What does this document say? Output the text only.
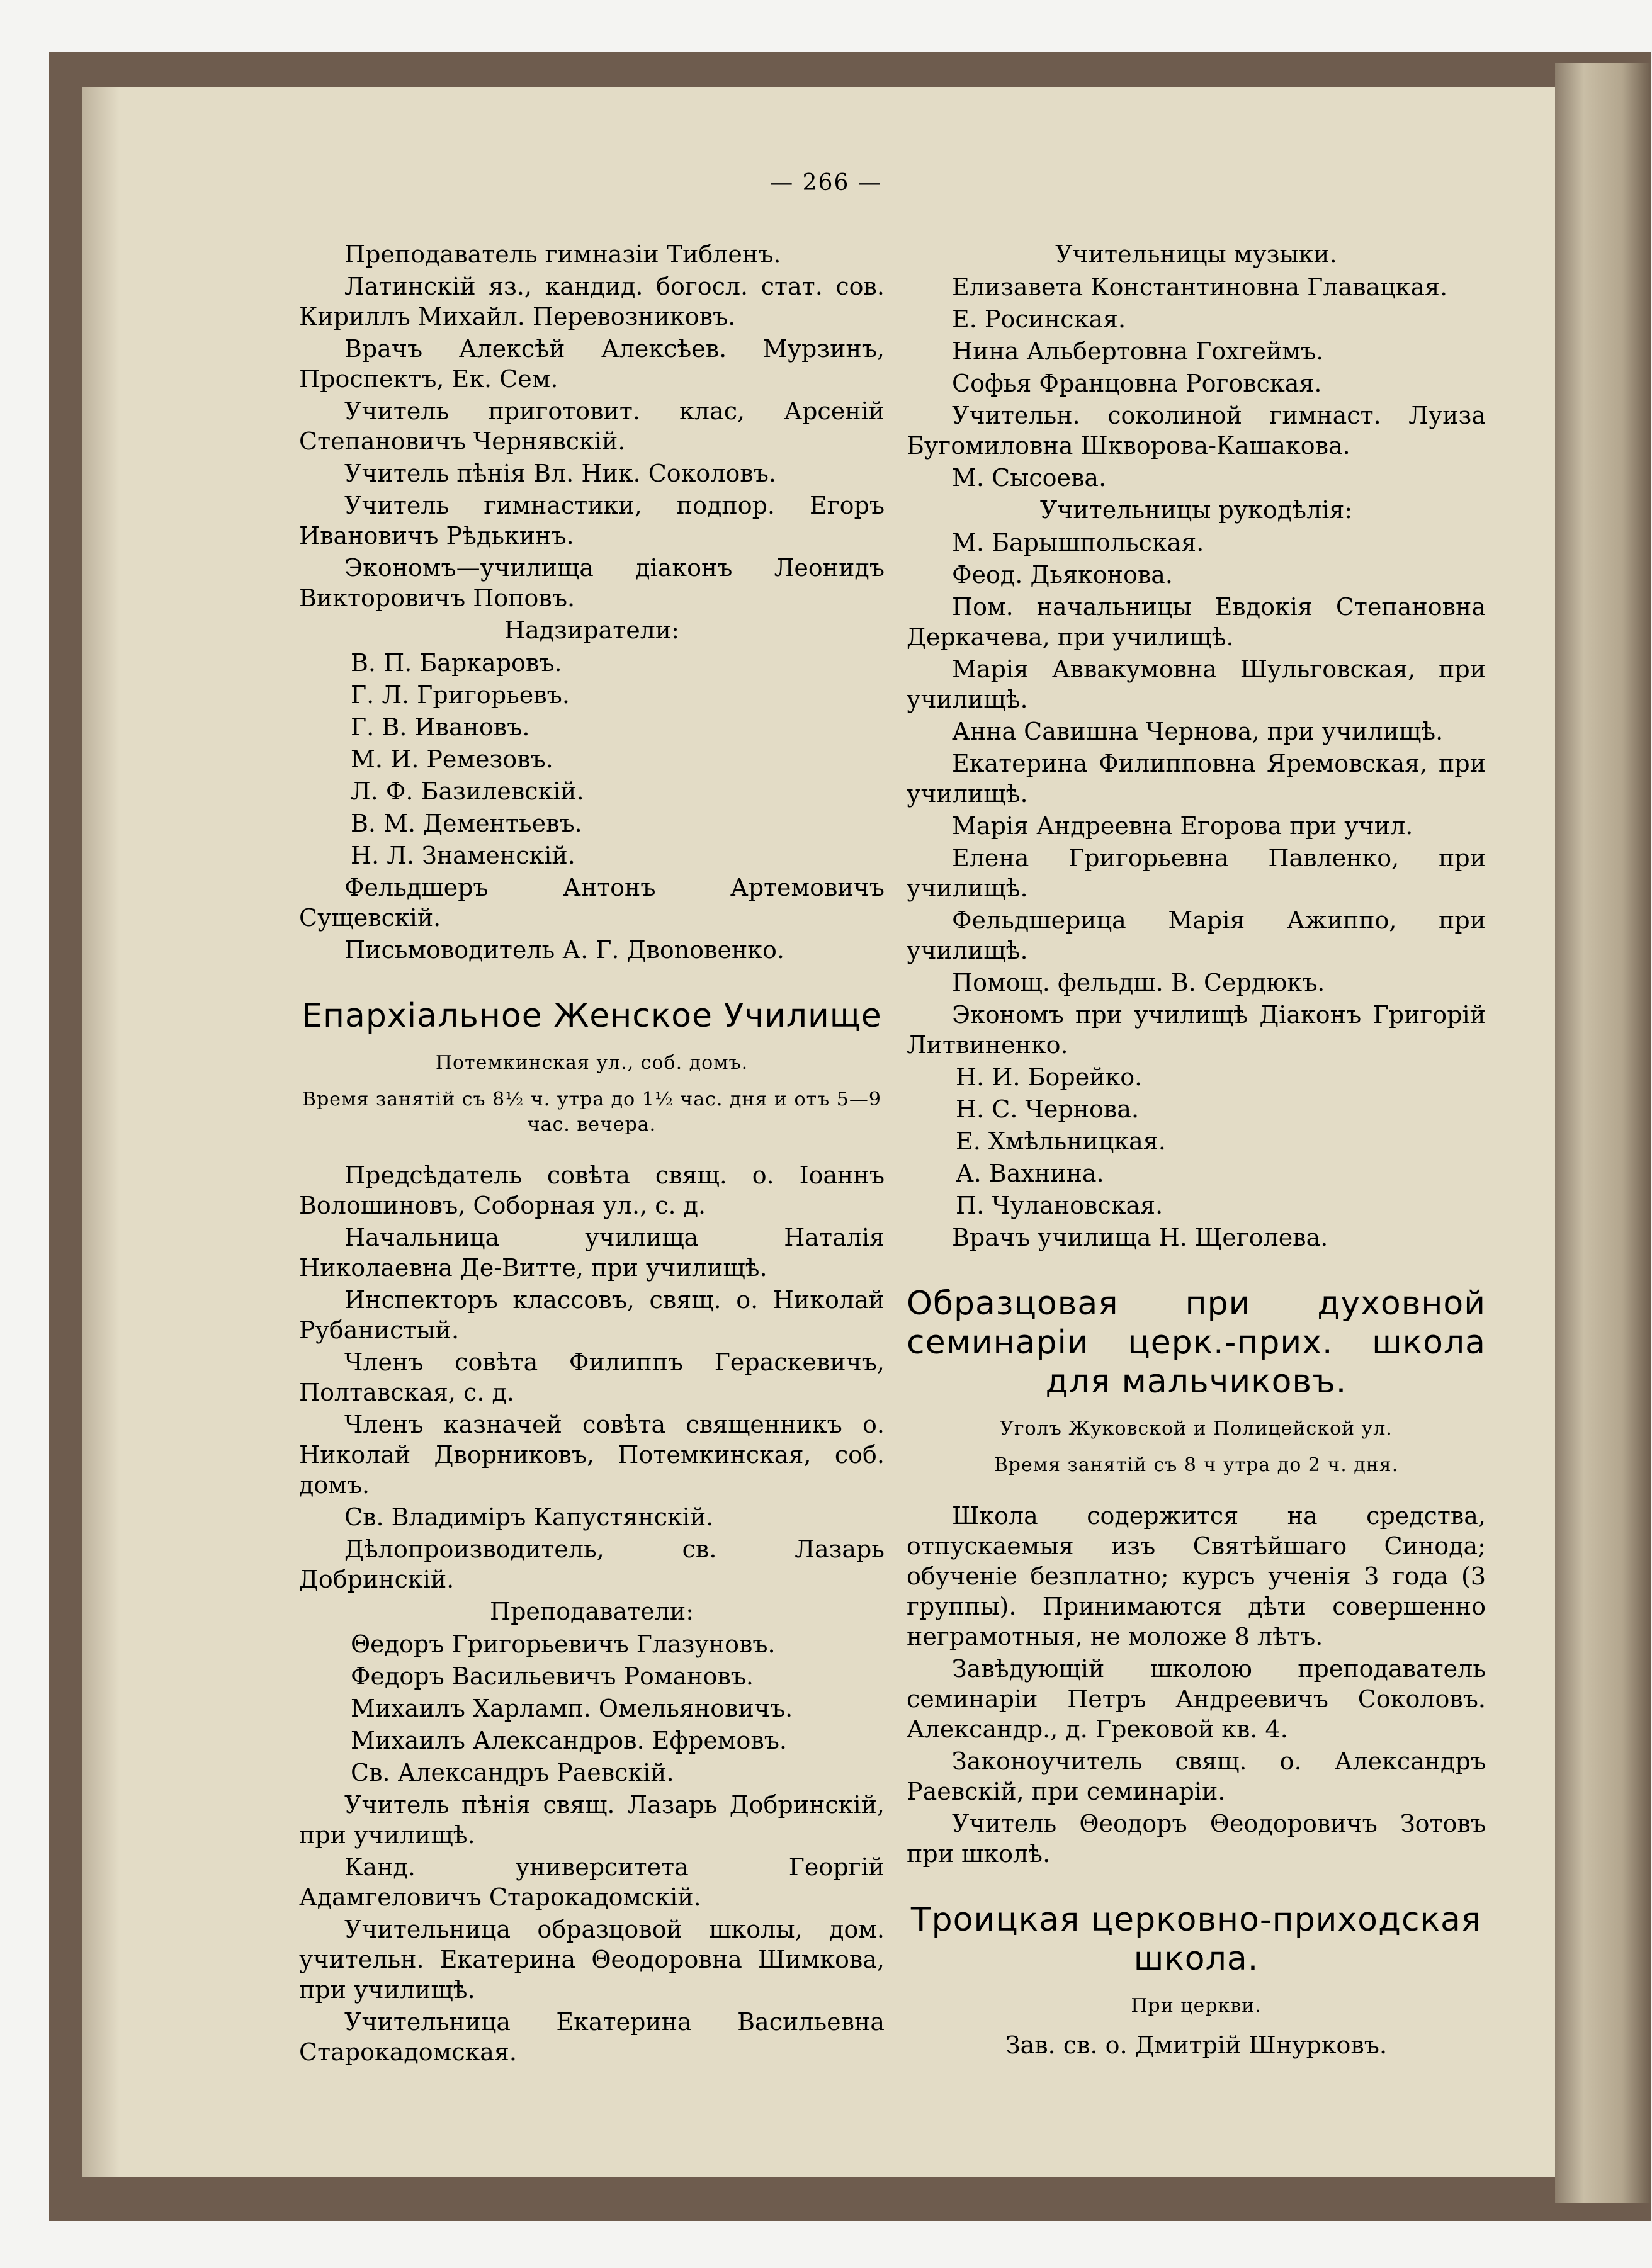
— 266 —

Преподаватель гимназіи Тибленъ.

Латинскій яз., кандид. богосл. стат. сов. Кириллъ Михайл. Перевозниковъ.

Врачъ Алексѣй Алексѣев. Мурзинъ, Проспектъ, Ек. Сем.

Учитель приготовит. клас, Арсеній Степановичъ Чернявскій.

Учитель пѣнія Вл. Ник. Соколовъ.

Учитель гимнастики, подпор. Егоръ Ивановичъ Рѣдькинъ.

Экономъ—училища діаконъ Леонидъ Викторовичъ Поповъ.

Надзиратели:

В. П. Баркаровъ.

Г. Л. Григорьевъ.

Г. В. Ивановъ.

М. И. Ремезовъ.

Л. Ф. Базилевскій.

В. М. Дементьевъ.

Н. Л. Знаменскій.

Фельдшеръ Антонъ Артемовичъ Сущевскій.

Письмоводитель А. Г. Двоnовенко.

Епархіальное Женское Училище
Потемкинская ул., соб. домъ.
Время занятій съ 8½ ч. утра до 1½ час. дня и отъ 5—9 час. вечера.

Предсѣдатель совѣта свящ. о. Іоаннъ Волошиновъ, Соборная ул., с. д.

Начальница училища Наталія Николаевна Де-Витте, при училищѣ.

Инспекторъ классовъ, свящ. о. Николай Рубанистый.

Членъ совѣта Филиппъ Гераскевичъ, Полтавская, с. д.

Членъ казначей совѣта священникъ о. Николай Дворниковъ, Потемкинская, соб. домъ.

Св. Владиміръ Капустянскій.

Дѣлопроизводитель, св. Лазарь Добринскій.

Преподаватели:

Θедоръ Григорьевичъ Глазуновъ.

Федоръ Васильевичъ Романовъ.

Михаилъ Харламп. Омельяновичъ.

Михаилъ Александров. Ефремовъ.

Св. Александръ Раевскій.

Учитель пѣнія свящ. Лазарь Добринскій, при училищѣ.

Канд. университета Георгій Адамгеловичъ Старокадомскій.

Учительница образцовой школы, дом. учительн. Екатерина Θеодоровна Шимкова, при училищѣ.

Учительница Екатерина Васильевна Старокадомская.

Учительницы музыки.

Елизавета Константиновна Главацкая.

Е. Росинская.

Нина Альбертовна Гохгеймъ.

Софья Францовна Роговская.

Учительн. соколиной гимнаст. Луиза Бугомиловна Шкворова-Кашакова.

М. Сысоева.

Учительницы рукодѣлія:

М. Барышпольская.

Феод. Дьяконова.

Пом. начальницы Евдокія Степановна Деркачева, при училищѣ.

Марія Аввакумовна Шульговская, при училищѣ.

Анна Савишна Чернова, при училищѣ.

Екатерина Филипповна Яремовская, при училищѣ.

Марія Андреевна Егорова при учил.

Елена Григорьевна Павленко, при училищѣ.

Фельдшерица Марія Ажиппо, при училищѣ.

Помощ. фельдш. В. Сердюкъ.

Экономъ при училищѣ Діаконъ Григорій Литвиненко.

Н. И. Борейко.

Н. С. Чернова.

Е. Хмѣльницкая.

А. Вахнина.

П. Чулановская.

Врачъ училища Н. Щеголева.

Образцовая при духовной семинаріи церк.-прих. школа для мальчиковъ.
Уголъ Жуковской и Полицейской ул.
Время занятій съ 8 ч утра до 2 ч. дня.

Школа содержится на средства, отпускаемыя изъ Святѣйшаго Синода; обученіе безплатно; курсъ ученія 3 года (3 группы). Принимаются дѣти совершенно неграмотныя, не моложе 8 лѣтъ.

Завѣдующій школою преподаватель семинаріи Петръ Андреевичъ Соколовъ. Александр., д. Грековой кв. 4.

Законоучитель свящ. о. Александръ Раевскій, при семинаріи.

Учитель Θеодоръ Θеодоровичъ Зотовъ при школѣ.

Троицкая церковно-приходская школа.
При церкви.

Зав. св. о. Дмитрій Шнурковъ.
